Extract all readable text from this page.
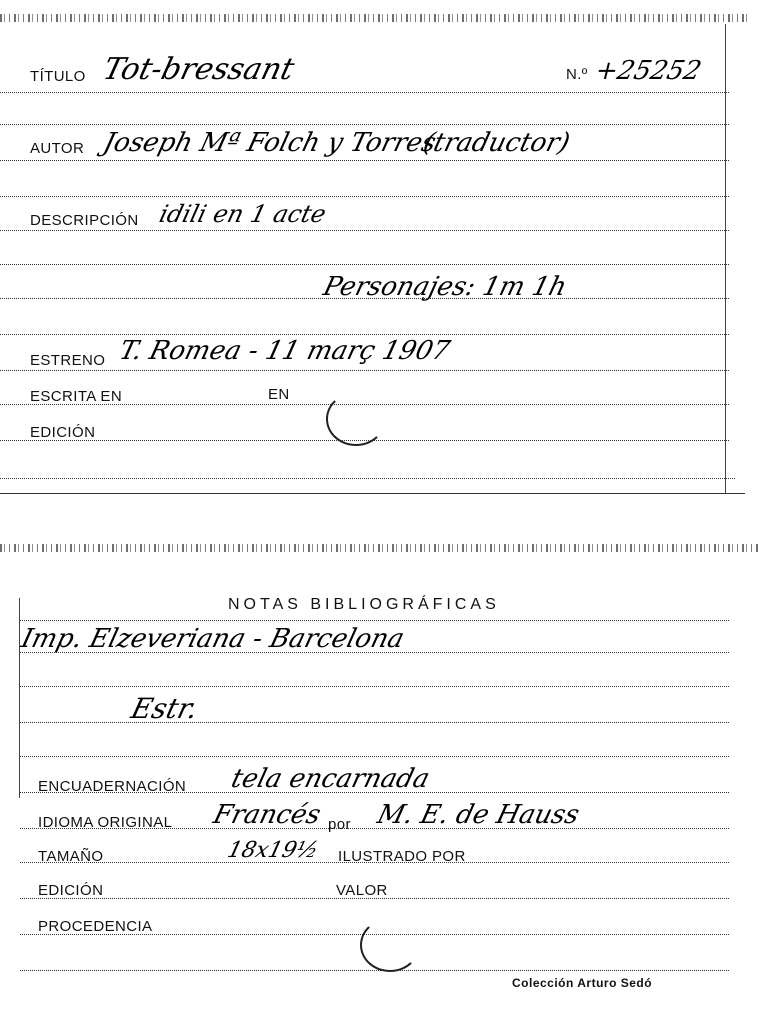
TÍTULO Tot-bressant	N.º +25252
AUTOR Joseph Mª Folch y Torres
(traductor)
DESCRIPCIÓN idili en 1 acte
Personajes: 1m 1h
ESTRENO T. Romea - 11 març 1907
ESCRITA EN	EN
EDICIÓN
NOTAS BIBLIOGRÁFICAS
Imp. Elzeveriana - Barcelona
Estr.
ENCUADERNACIÓN tela encarnada
IDIOMA ORIGINAL Francés por M. E. de Hauss
TAMAÑO	18x19½ ILUSTRADO POR
EDICIÓN	VALOR
PROCEDENCIA
Colección Arturo Sedó
